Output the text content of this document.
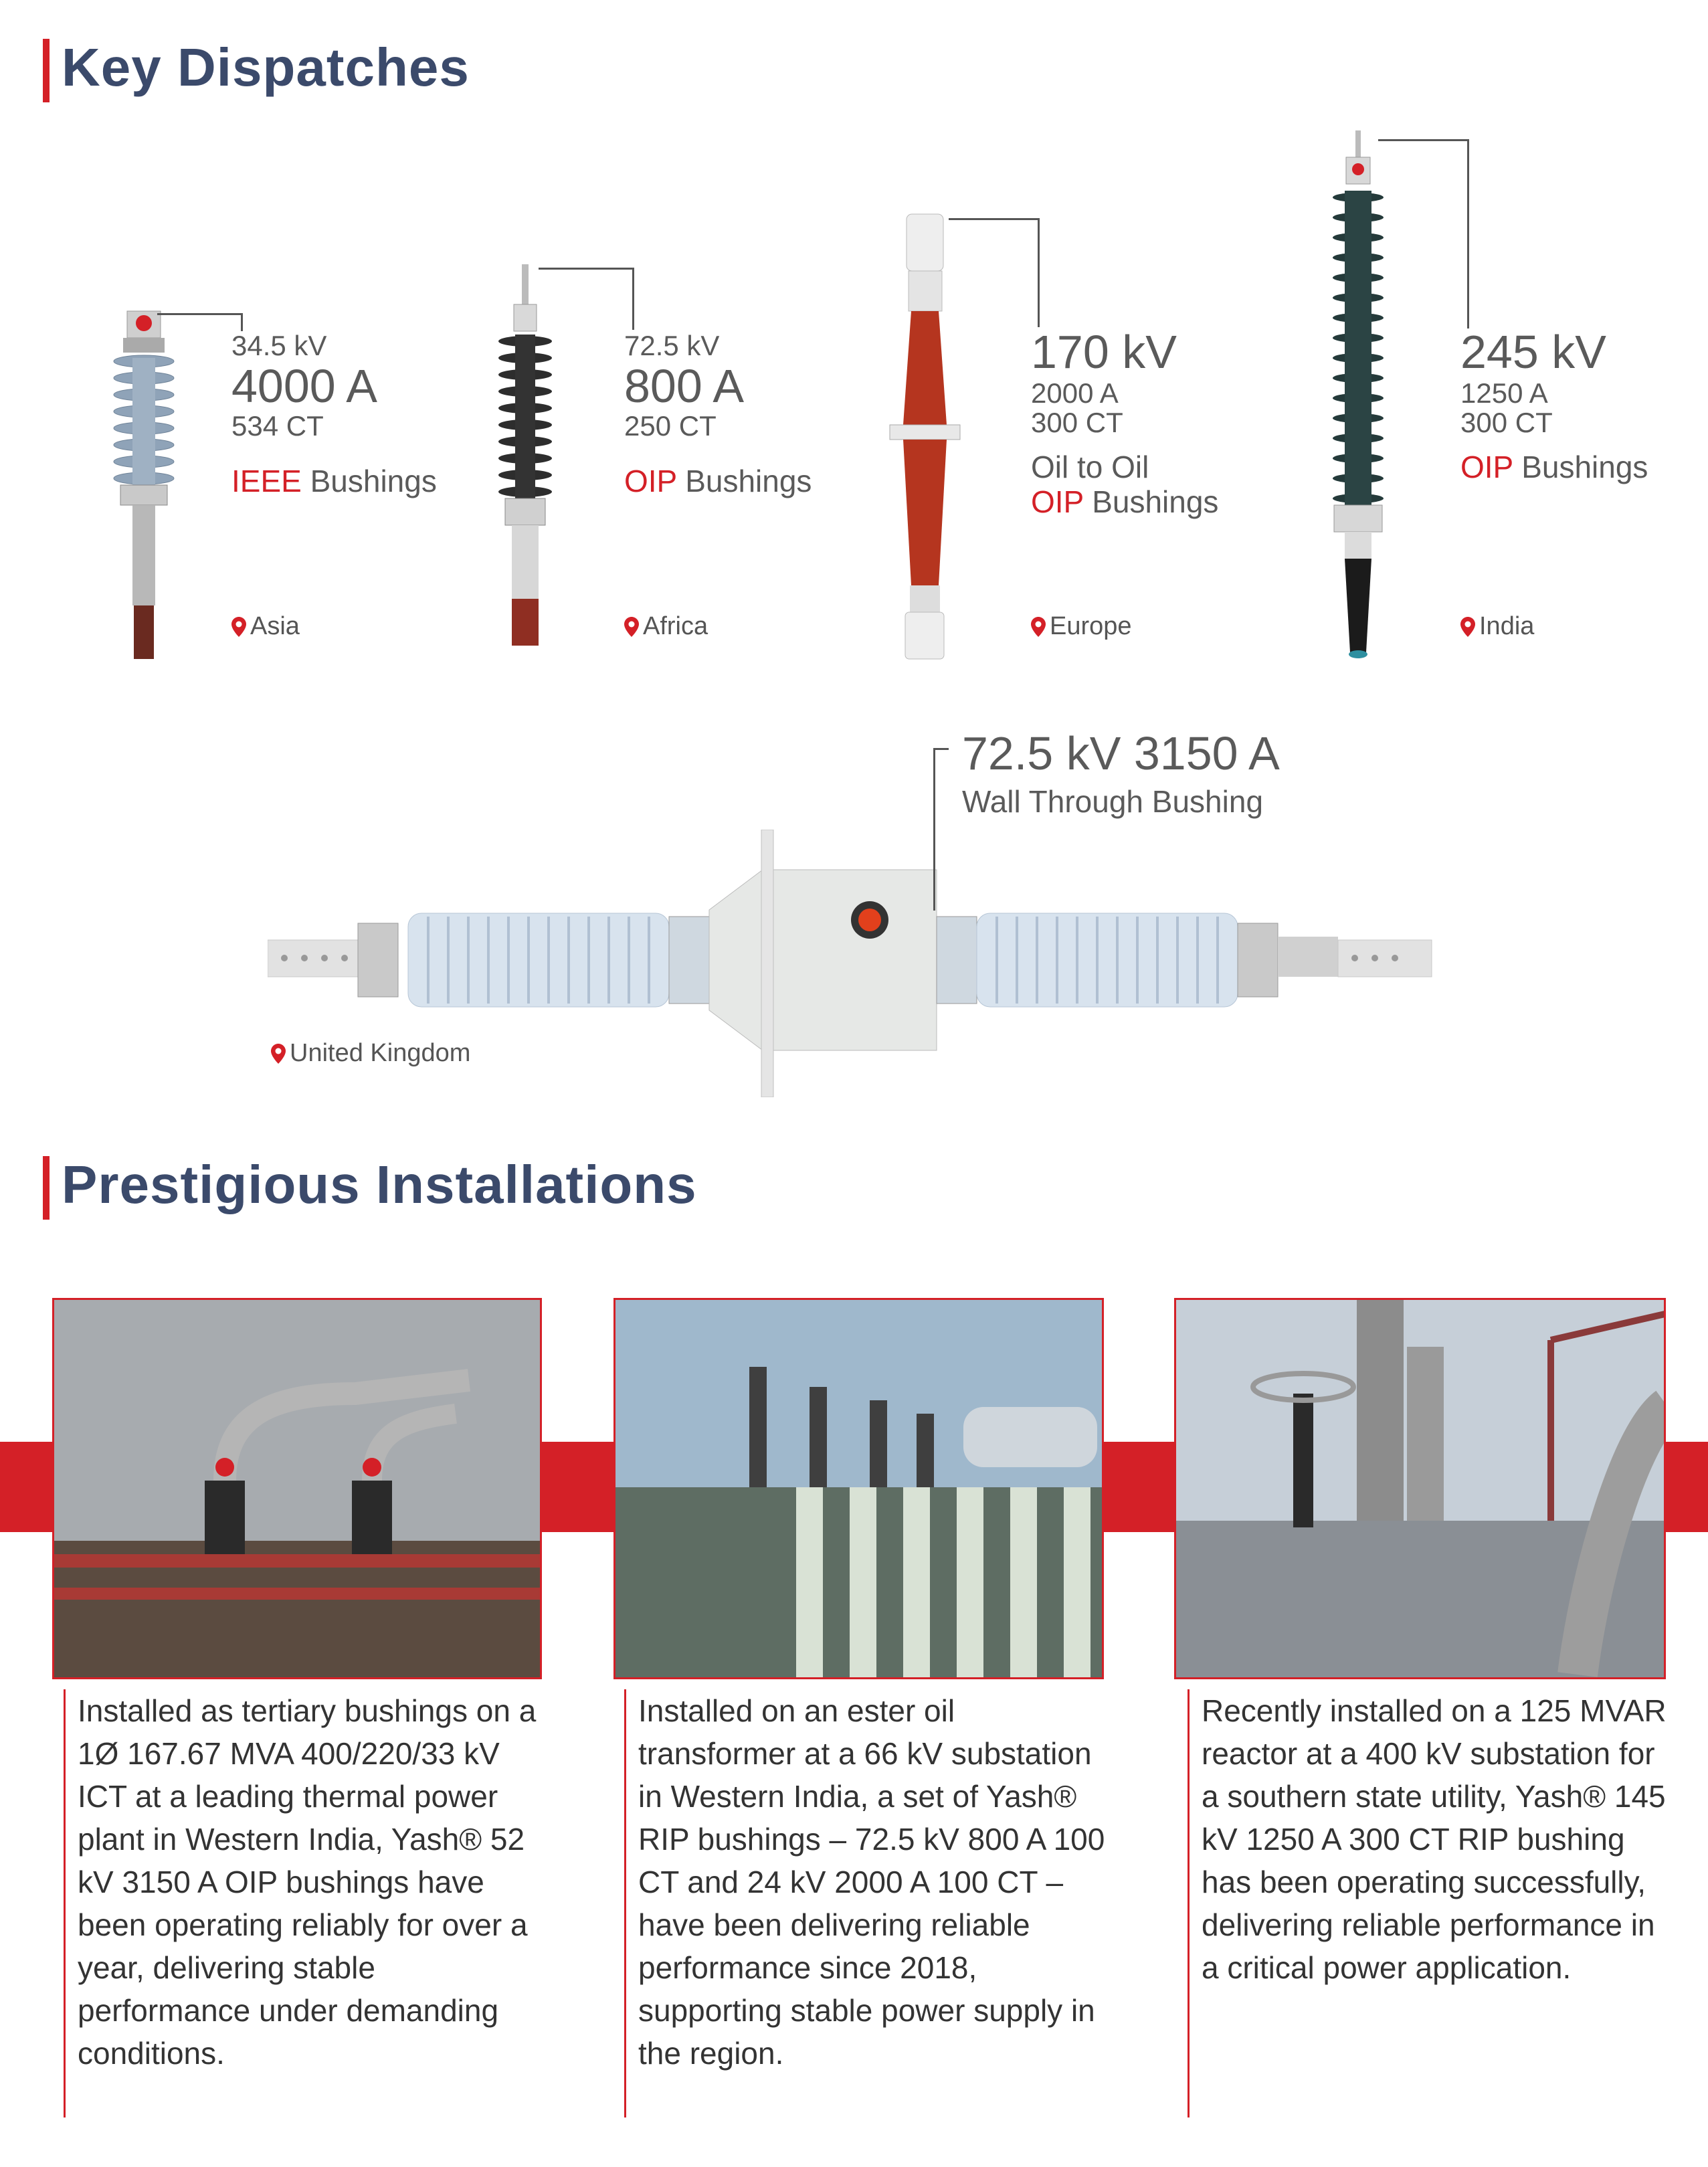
Key Dispatches
34.5 kV
4000 A
534 CT
IEEE Bushings
Asia
72.5 kV
800 A
250 CT
OIP Bushings
Africa
170 kV
2000 A
300 CT
Oil to Oil
OIP Bushings
Europe
245 kV
1250 A
300 CT
OIP Bushings
India
72.5 kV 3150 A
Wall Through Bushing
United Kingdom
Prestigious Installations
Installed as tertiary bushings on a 1Ø 167.67 MVA 400/220/33 kV ICT at a leading thermal power plant in Western India, Yash® 52 kV 3150 A OIP bushings have been operating reliably for over a year, delivering stable performance under demanding conditions.
Installed on an ester oil transformer at a 66 kV substation in Western India, a set of Yash® RIP bushings – 72.5 kV 800 A 100 CT and 24 kV 2000 A 100 CT – have been delivering reliable performance since 2018, supporting stable power supply in the region.
Recently installed on a 125 MVAR reactor at a 400 kV substation for a southern state utility, Yash® 145 kV 1250 A 300 CT RIP bushing has been operating successfully, delivering reliable performance in a critical power application.
